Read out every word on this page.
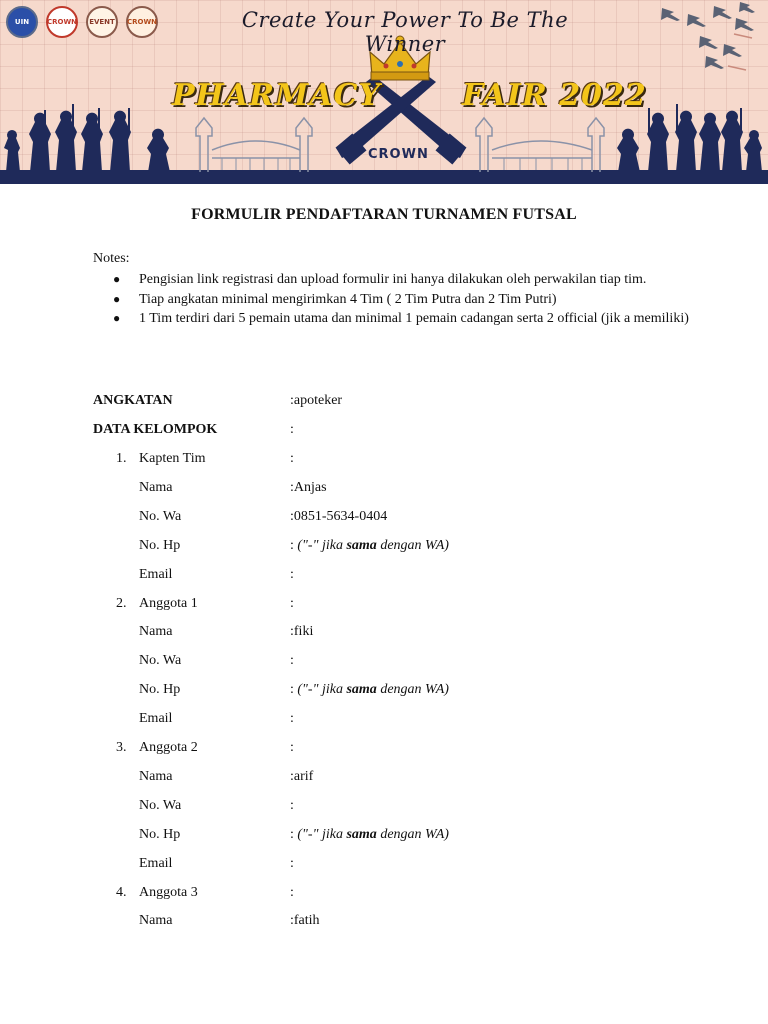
UIN	CROWN	EVENT	CROWN	Create Your Power To Be The Winner
PHARMACY	FAIR 2022
CROWN
FORMULIR PENDAFTARAN TURNAMEN FUTSAL
Notes:
● Pengisian link registrasi dan upload formulir ini hanya dilakukan oleh perwakilan tiap tim.
● Tiap angkatan minimal mengirimkan 4 Tim ( 2 Tim Putra dan 2 Tim Putri)
● 1 Tim terdiri dari 5 pemain utama dan minimal 1 pemain cadangan serta 2 official (jik a memiliki)
ANGKATAN	:apoteker
DATA KELOMPOK	:
1. Kapten Tim	:
Nama	:Anjas
No. Wa	:0851-5634-0404
No. Hp	: ("-" jika sama dengan WA)
Email	:
2. Anggota 1	:
Nama	:fiki
No. Wa	:
No. Hp	: ("-" jika sama dengan WA)
Email	:
3. Anggota 2	:
Nama	:arif
No. Wa	:
No. Hp	: ("-" jika sama dengan WA)
Email	:
4. Anggota 3	:
Nama	:fatih
